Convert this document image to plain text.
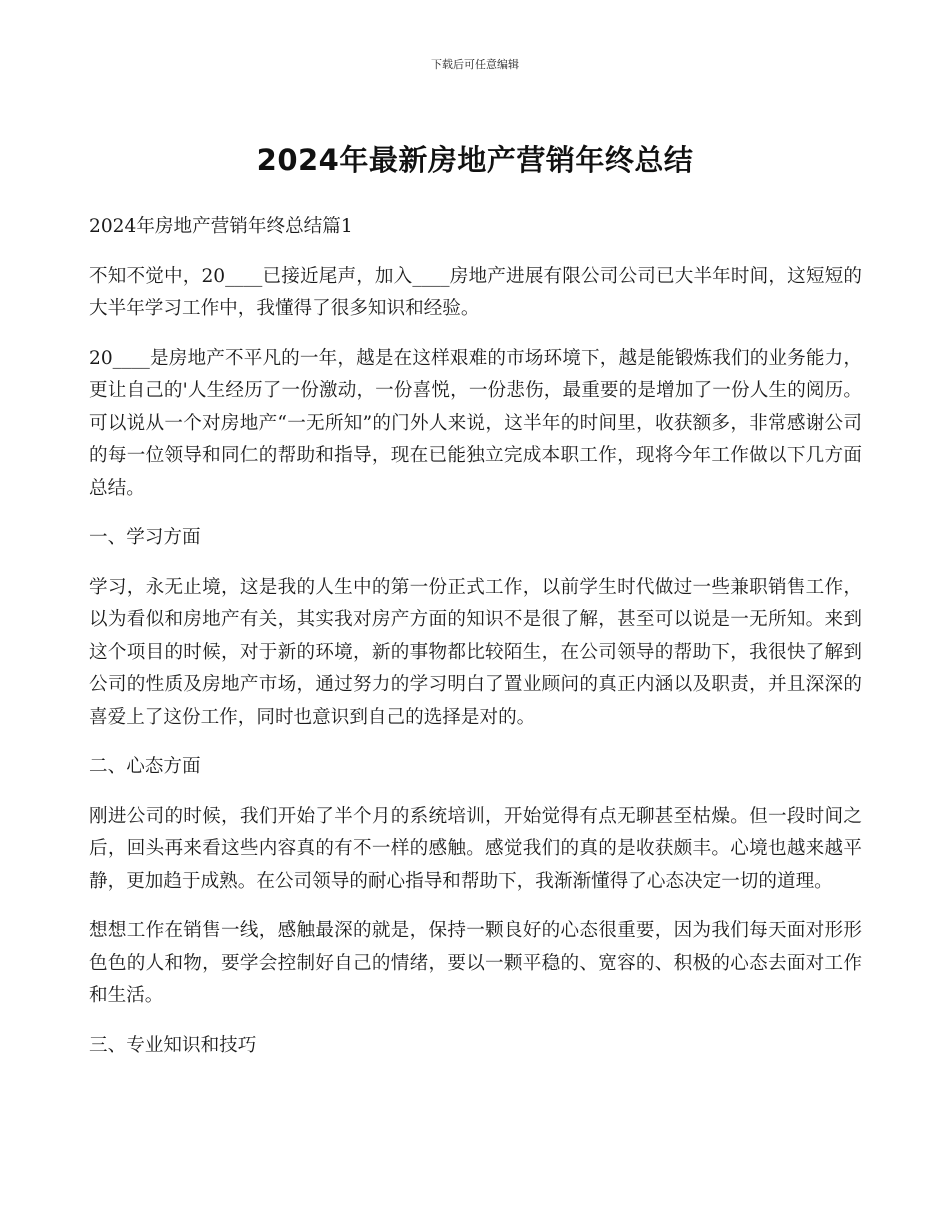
下载后可任意编辑
2024年最新房地产营销年终总结

2024年房地产营销年终总结篇1

不知不觉中，20____已接近尾声，加入____房地产进展有限公司公司已大半年时间，这短短的大半年学习工作中，我懂得了很多知识和经验。

20____是房地产不平凡的一年，越是在这样艰难的市场环境下，越是能锻炼我们的业务能力，更让自己的'人生经历了一份激动，一份喜悦，一份悲伤，最重要的是增加了一份人生的阅历。可以说从一个对房地产“一无所知”的门外人来说，这半年的时间里，收获额多，非常感谢公司的每一位领导和同仁的帮助和指导，现在已能独立完成本职工作，现将今年工作做以下几方面总结。

一、学习方面

学习，永无止境，这是我的人生中的第一份正式工作，以前学生时代做过一些兼职销售工作，以为看似和房地产有关，其实我对房产方面的知识不是很了解，甚至可以说是一无所知。来到这个项目的时候，对于新的环境，新的事物都比较陌生，在公司领导的帮助下，我很快了解到公司的性质及房地产市场，通过努力的学习明白了置业顾问的真正内涵以及职责，并且深深的喜爱上了这份工作，同时也意识到自己的选择是对的。

二、心态方面

刚进公司的时候，我们开始了半个月的系统培训，开始觉得有点无聊甚至枯燥。但一段时间之后，回头再来看这些内容真的有不一样的感触。感觉我们的真的是收获颇丰。心境也越来越平静，更加趋于成熟。在公司领导的耐心指导和帮助下，我渐渐懂得了心态决定一切的道理。

想想工作在销售一线，感触最深的就是，保持一颗良好的心态很重要，因为我们每天面对形形色色的人和物，要学会控制好自己的情绪，要以一颗平稳的、宽容的、积极的心态去面对工作和生活。

三、专业知识和技巧
